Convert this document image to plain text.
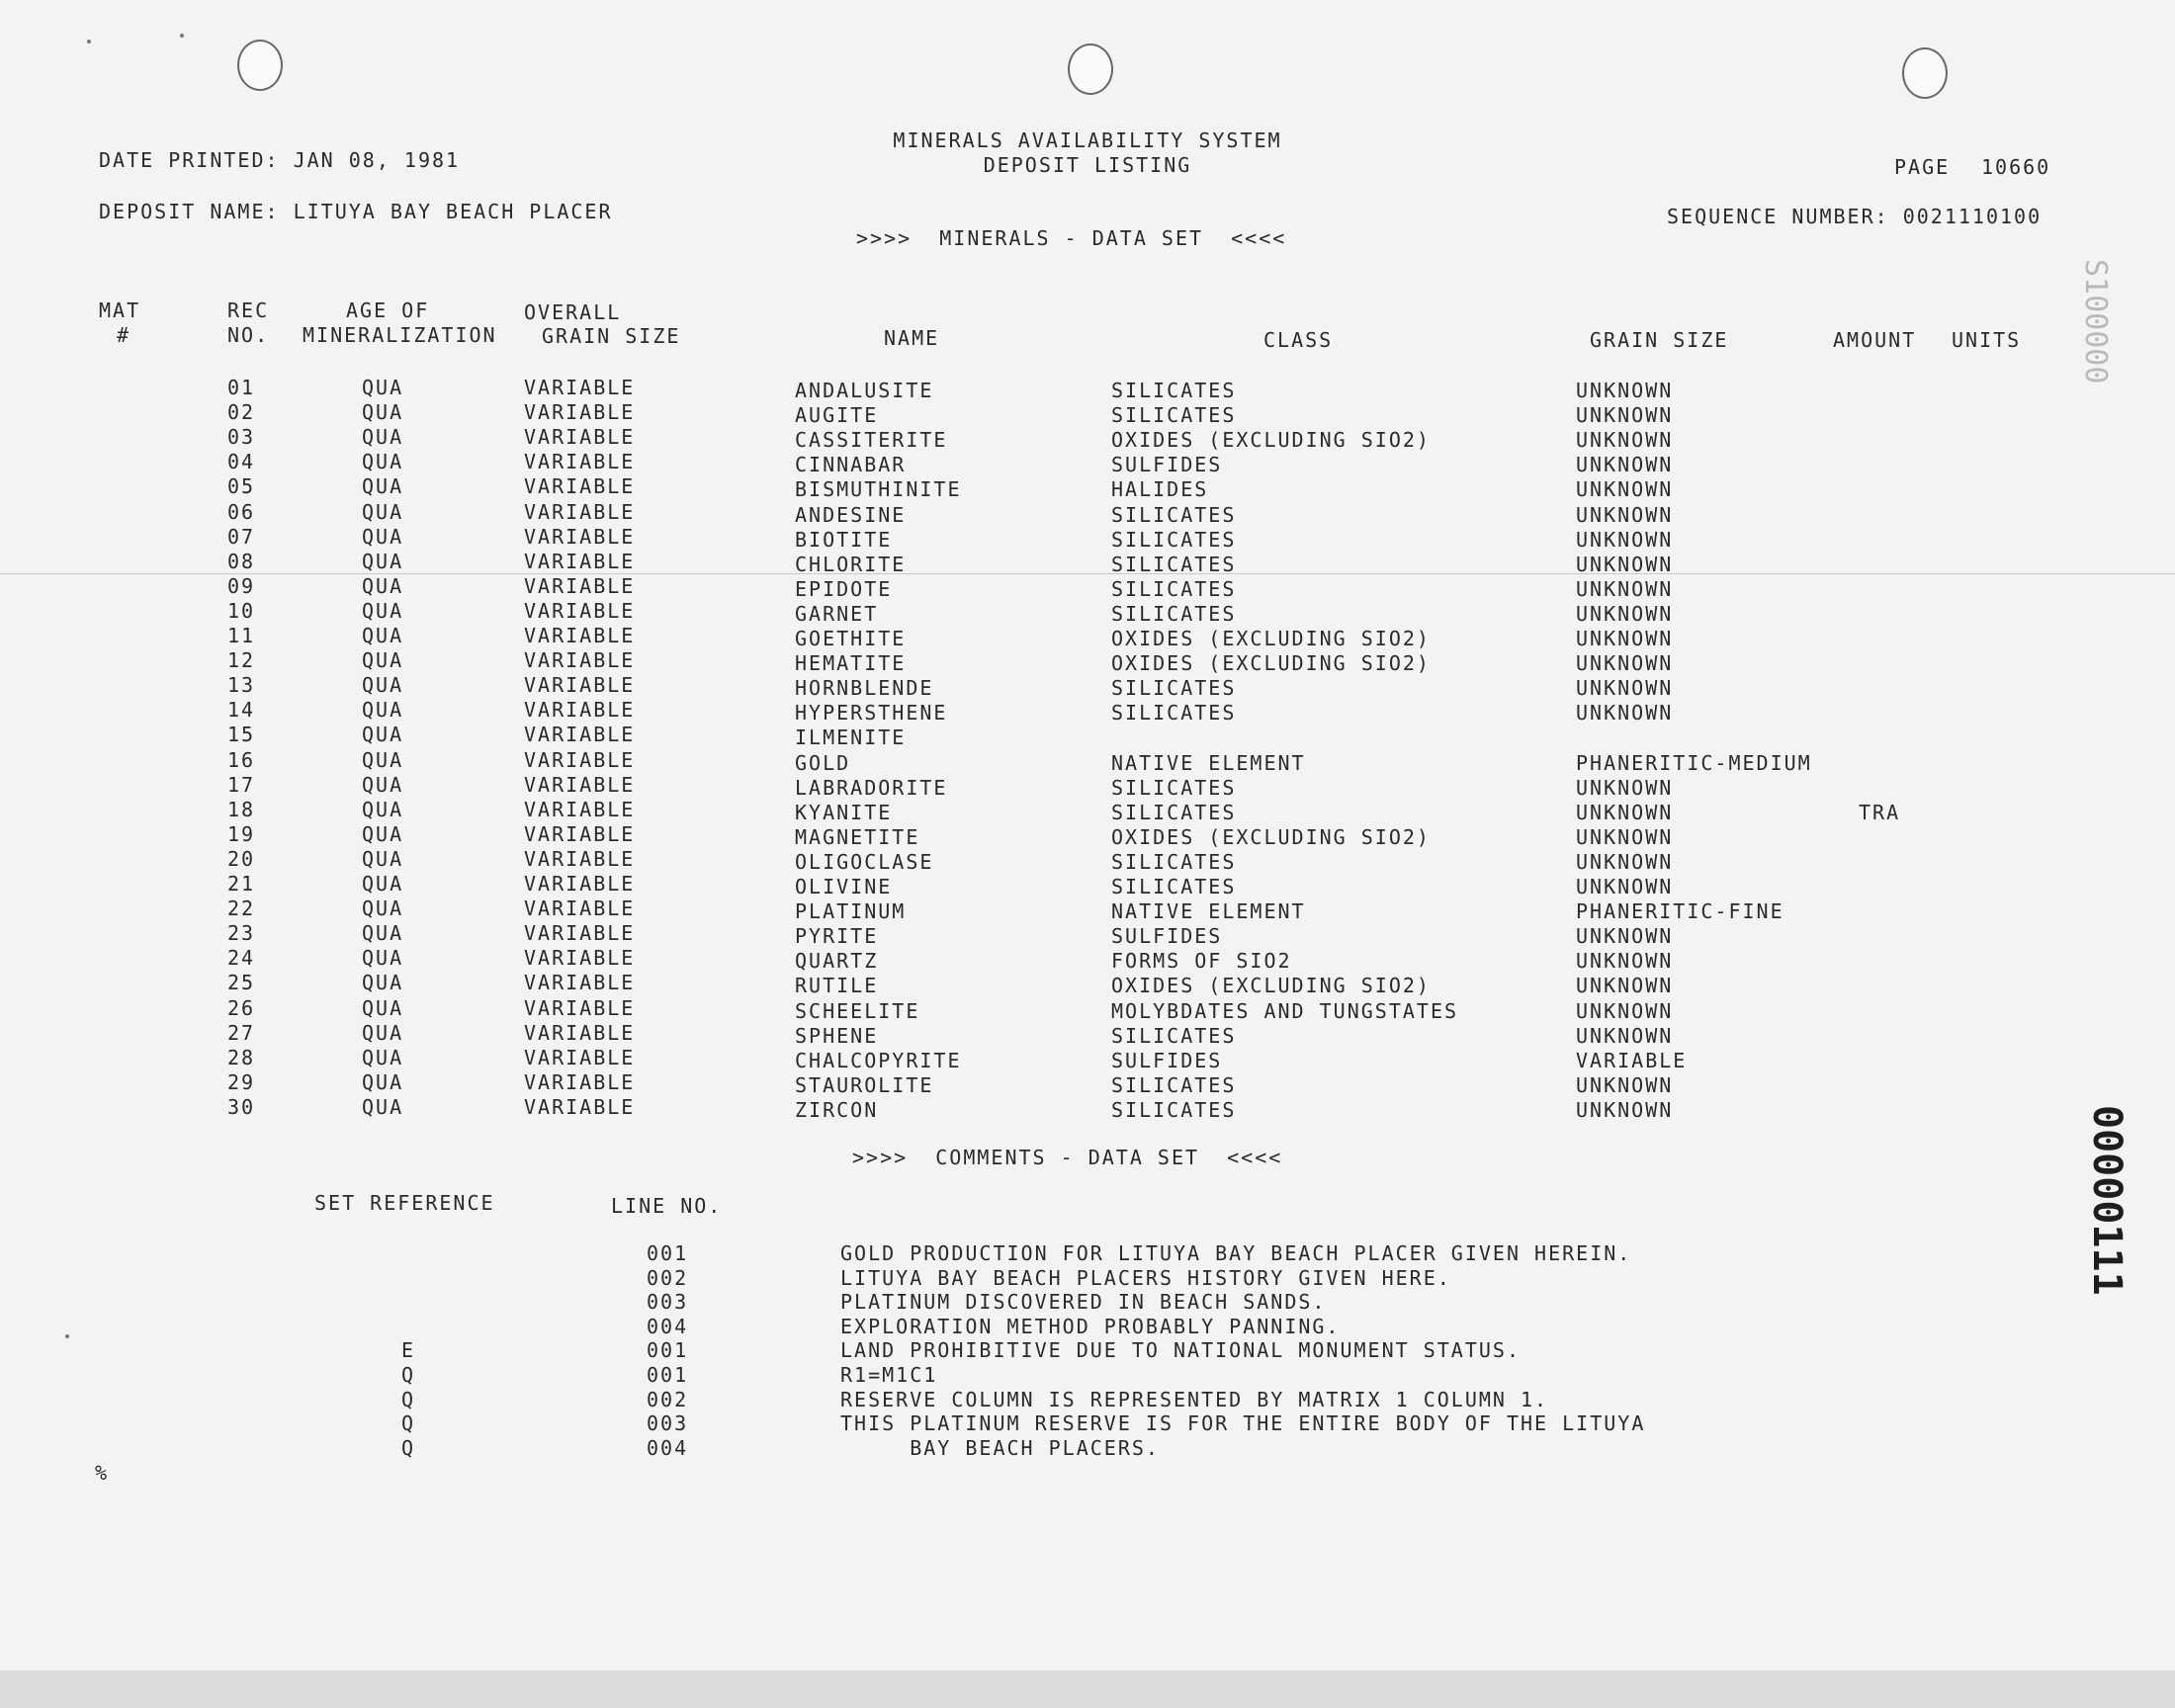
DATE PRINTED: JAN 08, 1981
MINERALS AVAILABILITY SYSTEM
DEPOSIT LISTING	PAGE 10660
DEPOSIT NAME: LITUYA BAY BEACH PLACER	SEQUENCE NUMBER: 0021110100
>>>>  MINERALS - DATA SET  <<<<
MAT
#
REC
NO.
AGE OF
MINERALIZATION
OVERALL
GRAIN SIZE	NAME	CLASS	GRAIN SIZE	AMOUNT UNITS
01	QUA	VARIABLE	ANDALUSITE	SILICATES	UNKNOWN
02	QUA	VARIABLE	AUGITE	SILICATES	UNKNOWN
03	QUA	VARIABLE	CASSITERITE	OXIDES (EXCLUDING SIO2)	UNKNOWN
04	QUA	VARIABLE	CINNABAR	SULFIDES	UNKNOWN
05	QUA	VARIABLE	BISMUTHINITE	HALIDES	UNKNOWN
06	QUA	VARIABLE	ANDESINE	SILICATES	UNKNOWN
07	QUA	VARIABLE	BIOTITE	SILICATES	UNKNOWN
08	QUA	VARIABLE	CHLORITE	SILICATES	UNKNOWN
09	QUA	VARIABLE	EPIDOTE	SILICATES	UNKNOWN
10	QUA	VARIABLE	GARNET	SILICATES	UNKNOWN
11	QUA	VARIABLE	GOETHITE	OXIDES (EXCLUDING SIO2)	UNKNOWN
12	QUA	VARIABLE	HEMATITE	OXIDES (EXCLUDING SIO2)	UNKNOWN
13	QUA	VARIABLE	HORNBLENDE	SILICATES	UNKNOWN
14	QUA	VARIABLE	HYPERSTHENE	SILICATES	UNKNOWN
15	QUA	VARIABLE	ILMENITE
16	QUA	VARIABLE	GOLD	NATIVE ELEMENT	PHANERITIC-MEDIUM
17	QUA	VARIABLE	LABRADORITE	SILICATES	UNKNOWN
18	QUA	VARIABLE	KYANITE	SILICATES	UNKNOWN	TRA
19	QUA	VARIABLE	MAGNETITE	OXIDES (EXCLUDING SIO2)	UNKNOWN
20	QUA	VARIABLE	OLIGOCLASE	SILICATES	UNKNOWN
21	QUA	VARIABLE	OLIVINE	SILICATES	UNKNOWN
22	QUA	VARIABLE	PLATINUM	NATIVE ELEMENT	PHANERITIC-FINE
23	QUA	VARIABLE	PYRITE	SULFIDES	UNKNOWN
24	QUA	VARIABLE	QUARTZ	FORMS OF SIO2	UNKNOWN
25	QUA	VARIABLE	RUTILE	OXIDES (EXCLUDING SIO2)	UNKNOWN
26	QUA	VARIABLE	SCHEELITE	MOLYBDATES AND TUNGSTATES	UNKNOWN
27	QUA	VARIABLE	SPHENE	SILICATES	UNKNOWN
28	QUA	VARIABLE	CHALCOPYRITE	SULFIDES	VARIABLE
29	QUA	VARIABLE	STAUROLITE	SILICATES	UNKNOWN
30	QUA	VARIABLE	ZIRCON	SILICATES	UNKNOWN
>>>>  COMMENTS - DATA SET  <<<<
SET REFERENCE	LINE NO.
001	GOLD PRODUCTION FOR LITUYA BAY BEACH PLACER GIVEN HEREIN.
002	LITUYA BAY BEACH PLACERS HISTORY GIVEN HERE.
003	PLATINUM DISCOVERED IN BEACH SANDS.
004	EXPLORATION METHOD PROBABLY PANNING.
E	001	LAND PROHIBITIVE DUE TO NATIONAL MONUMENT STATUS.
Q	001	R1=M1C1
Q	002	RESERVE COLUMN IS REPRESENTED BY MATRIX 1 COLUMN 1.
Q	003	THIS PLATINUM RESERVE IS FOR THE ENTIRE BODY OF THE LITUYA
Q	004	BAY BEACH PLACERS.
%
S100000
00000111
